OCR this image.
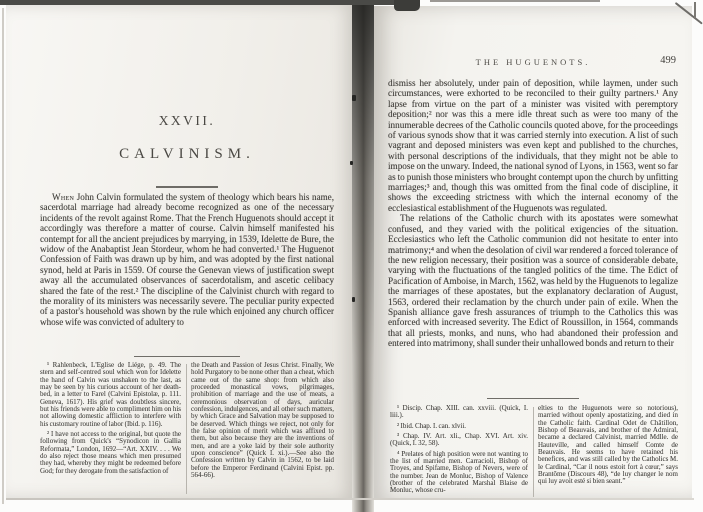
XXVII.
CALVINISM.

When John Calvin formulated the system of theology which bears his name, sacerdotal marriage had already become recognized as one of the necessary incidents of the revolt against Rome. That the French Huguenots should accept it accordingly was therefore a matter of course. Calvin himself manifested his contempt for all the ancient prejudices by marrying, in 1539, Idelette de Bure, the widow of the Anabaptist Jean Stordeur, whom he had converted.¹ The Huguenot Confession of Faith was drawn up by him, and was adopted by the first national synod, held at Paris in 1559. Of course the Genevan views of justification swept away all the accumulated observances of sacerdotalism, and ascetic celibacy shared the fate of the rest.² The discipline of the Calvinist church with regard to the morality of its ministers was necessarily severe. The peculiar purity expected of a pastor's household was shown by the rule which enjoined any church officer whose wife was convicted of adultery to

¹ Rahlenbeck, L'Église de Liége, p. 49. The stern and self-centred soul which won for Idelette the hand of Calvin was unshaken to the last, as may be seen by his curious account of her death-bed, in a letter to Farel (Calvini Epistolæ, p. 111. Geneva, 1617). His grief was doubtless sincere, but his friends were able to compliment him on his not allowing domestic affliction to interfere with his customary routine of labor (Ibid. p. 116).

² I have not access to the original, but quote the following from Quick's “Synodicon in Gallia Reformata,” London, 1692—“Art. XXIV. . . . We do also reject those means which men presumed they had, whereby they might be redeemed before God; for they derogate from the satisfaction of

the Death and Passion of Jesus Christ. Finally, We hold Purgatory to be none other than a cheat, which came out of the same shop: from which also proceeded monastical vows, pilgrimages, prohibition of marriage and the use of meats, a ceremonious observation of days, auricular confession, indulgences, and all other such matters, by which Grace and Salvation may be supposed to be deserved. Which things we reject, not only for the false opinion of merit which was affixed to them, but also because they are the inventions of men, and are a yoke laid by their sole authority upon conscience” (Quick I. xi.).—See also the Confession written by Calvin in 1562, to be laid before the Emperor Ferdinand (Calvini Epist. pp. 564-66).

THE HUGUENOTS.	499

dismiss her absolutely, under pain of deposition, while laymen, under such circumstances, were exhorted to be reconciled to their guilty partners.¹ Any lapse from virtue on the part of a minister was visited with peremptory deposition;² nor was this a mere idle threat such as were too many of the innumerable decrees of the Catholic councils quoted above, for the proceedings of various synods show that it was carried sternly into execution. A list of such vagrant and deposed ministers was even kept and published to the churches, with personal descriptions of the individuals, that they might not be able to impose on the unwary. Indeed, the national synod of Lyons, in 1563, went so far as to punish those ministers who brought contempt upon the church by unfitting marriages;³ and, though this was omitted from the final code of discipline, it shows the exceeding strictness with which the internal economy of the ecclesiastical establishment of the Huguenots was regulated.

The relations of the Catholic church with its apostates were somewhat confused, and they varied with the political exigencies of the situation. Ecclesiastics who left the Catholic communion did not hesitate to enter into matrimony;⁴ and when the desolation of civil war rendered a forced tolerance of the new religion necessary, their position was a source of considerable debate, varying with the fluctuations of the tangled politics of the time. The Edict of Pacification of Amboise, in March, 1562, was held by the Huguenots to legalize the marriages of these apostates, but the explanatory declaration of August, 1563, ordered their reclamation by the church under pain of exile. When the Spanish alliance gave fresh assurances of triumph to the Catholics this was enforced with increased severity. The Edict of Roussillon, in 1564, commands that all priests, monks, and nuns, who had abandoned their profession and entered into matrimony, shall sunder their unhallowed bonds and return to their

¹ Discip. Chap. XIII. can. xxviii. (Quick, I. liii.).

² Ibid. Chap. I. can. xlvii.

³ Chap. IV. Art. xli., Chap. XVI. Art. xiv. (Quick, I. 32, 58).

⁴ Prelates of high position were not wanting to the list of married men. Carracioli, Bishop of Troyes, and Spifame, Bishop of Nevers, were of the number. Jean de Monluc, Bishop of Valence (brother of the celebrated Marshal Blaise de Monluc, whose cru-

elties to the Huguenots were so notorious), married without openly apostatizing, and died in the Catholic faith. Cardinal Odet de Châtillon, Bishop of Beauvais, and brother of the Admiral, became a declared Calvinist, married Mdlle. de Hauteville, and called himself Comte de Beauvais. He seems to have retained his benefices, and was still called by the Catholics M. le Cardinal, “Car il nous estoit fort à cœur,” says Brantôme (Discours 48), “de luy changer le nom qui luy avoit esté si bien seant.”
